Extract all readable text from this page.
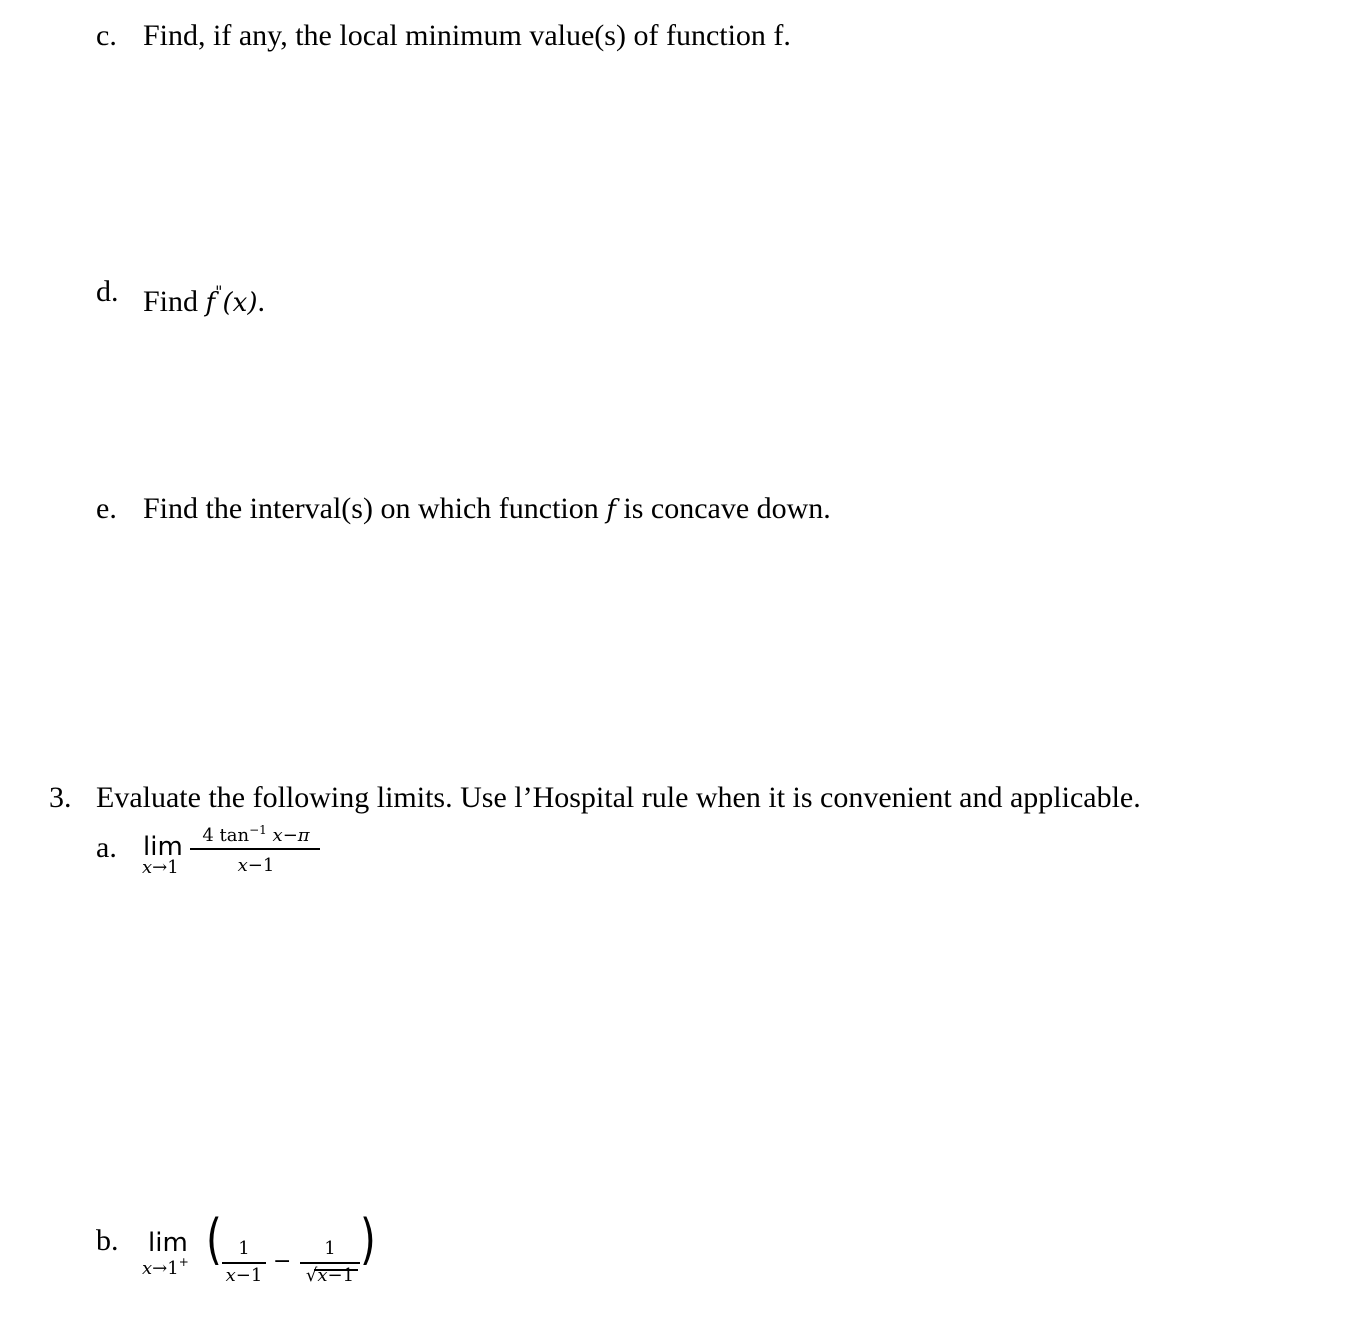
c. Find, if any, the local minimum value(s) of function f.
d. Find f"(x).
e. Find the interval(s) on which function f is concave down.
3. Evaluate the following limits. Use l’Hospital rule when it is convenient and applicable.
a. lim
x→1
4 $\tan^{-1} x-\pi$
x−1
b. lim
x→1+ ( 1
x−1
−
1
√x−1
)
